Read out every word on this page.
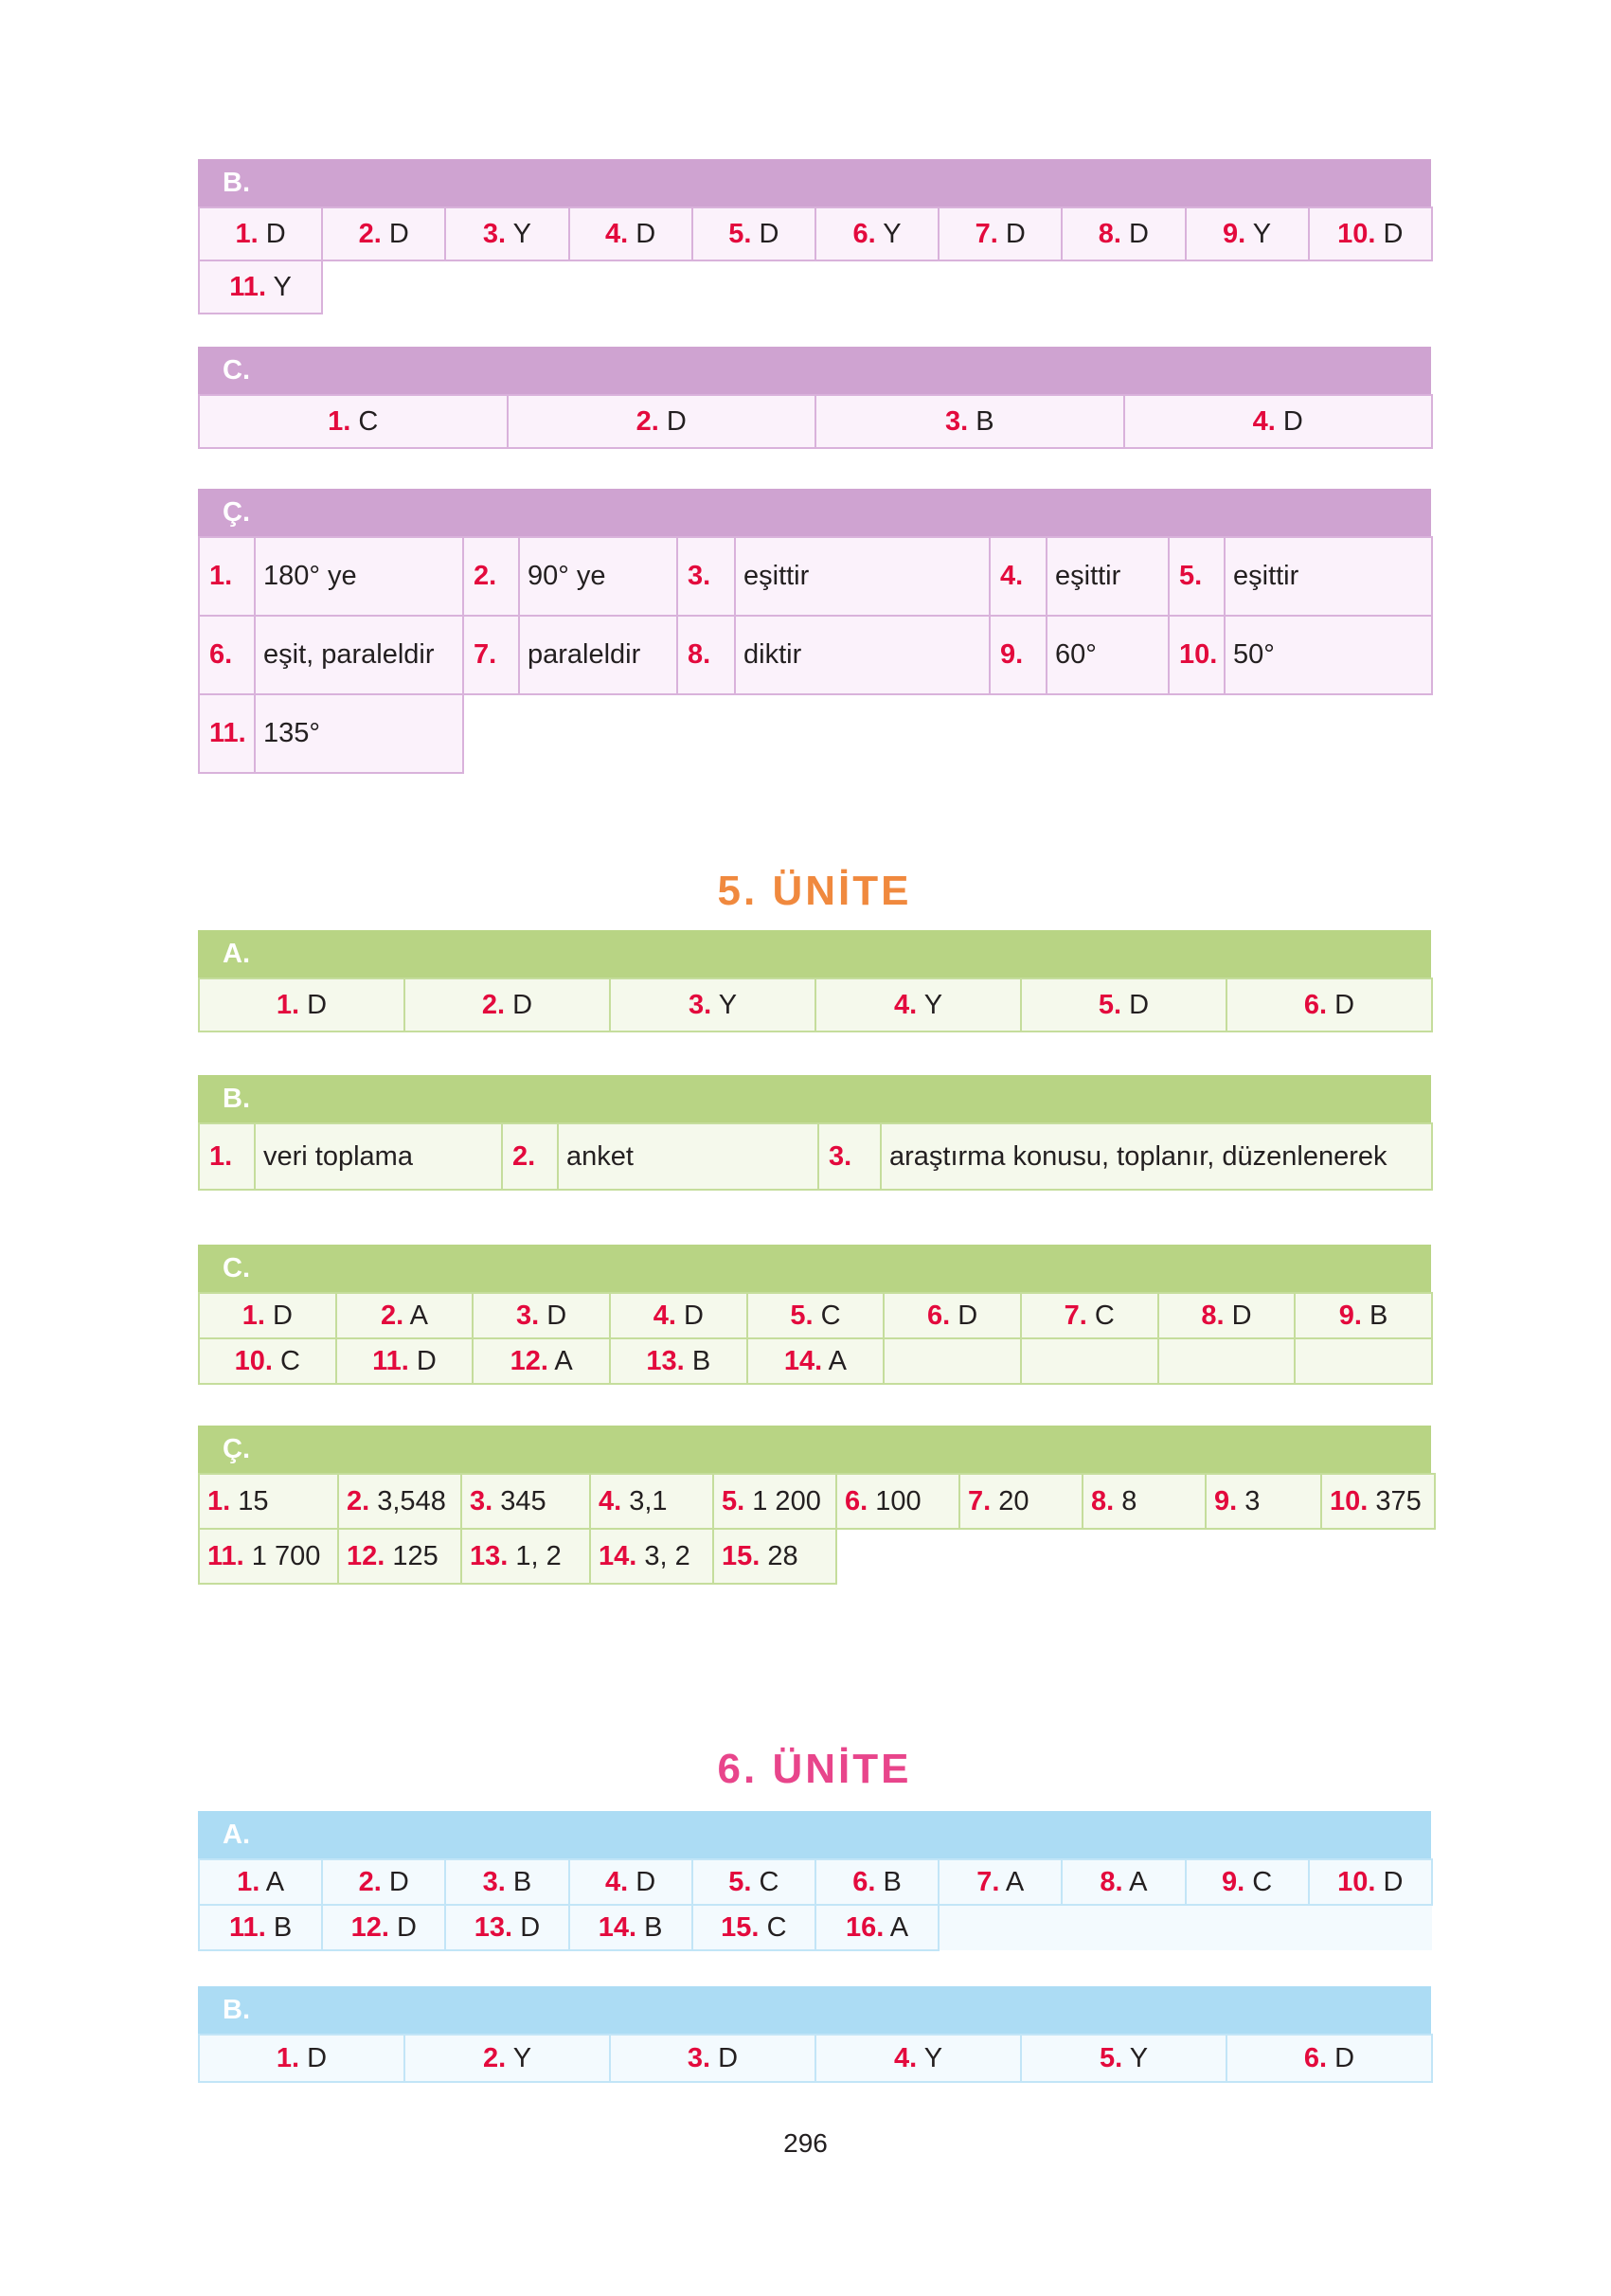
B.
1. D	2. D	3. Y	4. D	5. D	6. Y	7. D	8. D	9. Y	10. D
11. Y
C.
1. C	2. D	3. B	4. D
Ç.
1.	180° ye	2.	90° ye	3.	eşittir	4.	eşittir	5.	eşittir
6.	eşit, paraleldir	7.	paraleldir	8.	diktir	9.	60°	10.	50°
11.	135°								
5. ÜNİTE
A.
1. D	2. D	3. Y	4. Y	5. D	6. D
B.
1.	veri toplama	2.	anket	3.	araştırma konusu, toplanır, düzenlenerek
C.
1. D	2. A	3. D	4. D	5. C	6. D	7. C	8. D	9. B
10. C	11. D	12. A	13. B	14. A				
Ç.
1. 15	2. 3,548	3. 345	4. 3,1	5. 1 200	6. 100	7. 20	8. 8	9. 3	10. 375
11. 1 700	12. 125	13. 1, 2	14. 3, 2	15. 28					
6. ÜNİTE
A.
1. A	2. D	3. B	4. D	5. C	6. B	7. A	8. A	9. C	10. D
11. B	12. D	13. D	14. B	15. C	16. A				
B.
1. D	2. Y	3. D	4. Y	5. Y	6. D
296
